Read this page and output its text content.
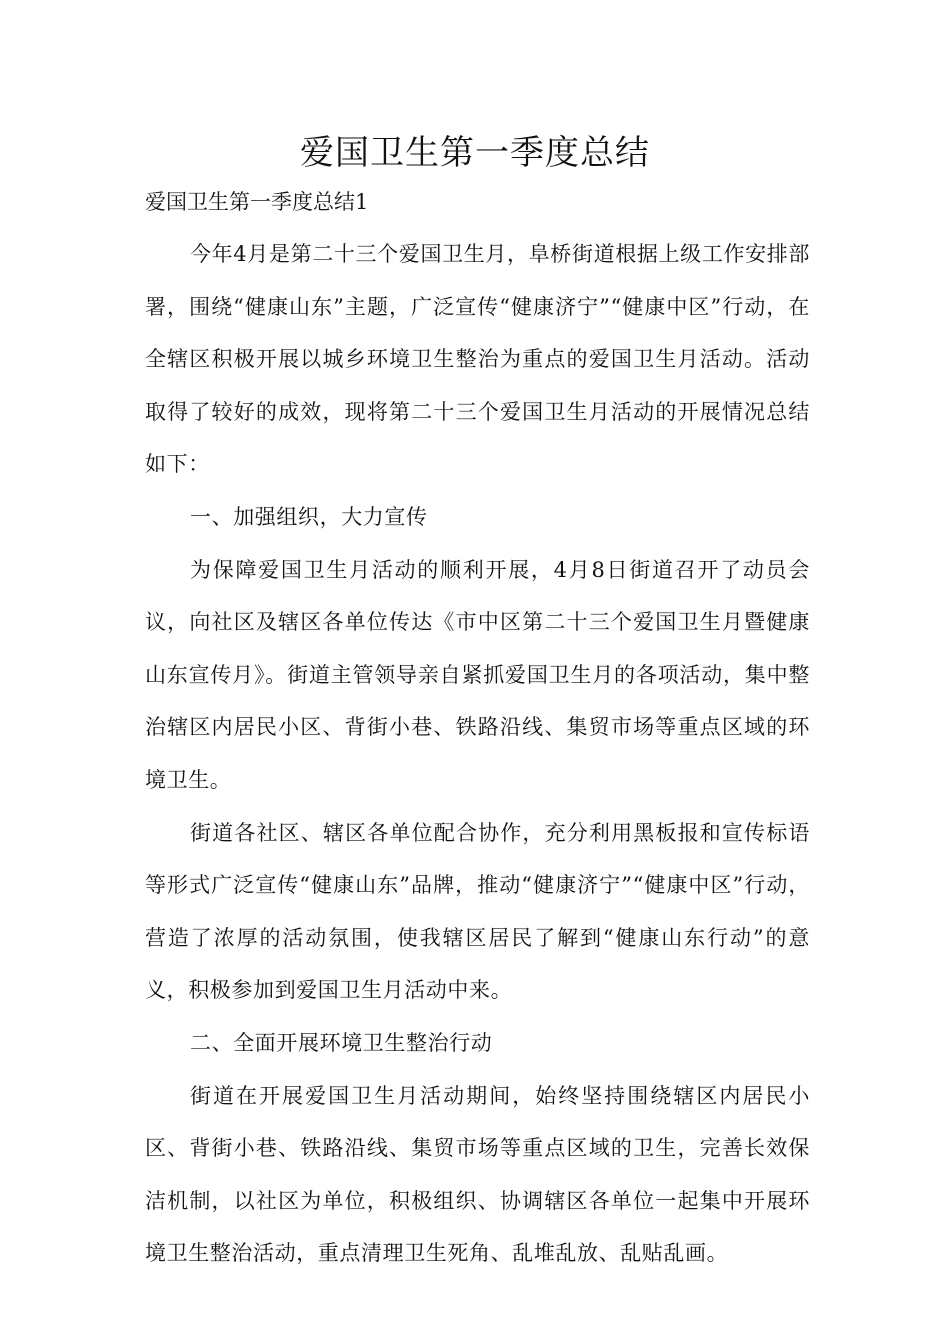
爱国卫生第一季度总结

爱国卫生第一季度总结1

今年4月是第二十三个爱国卫生月，阜桥街道根据上级工作安排部署，围绕“健康山东”主题，广泛宣传“健康济宁”“健康中区”行动，在全辖区积极开展以城乡环境卫生整治为重点的爱国卫生月活动。活动取得了较好的成效，现将第二十三个爱国卫生月活动的开展情况总结如下：

一、加强组织，大力宣传

为保障爱国卫生月活动的顺利开展，4月8日街道召开了动员会议，向社区及辖区各单位传达《市中区第二十三个爱国卫生月暨健康山东宣传月》。街道主管领导亲自紧抓爱国卫生月的各项活动，集中整治辖区内居民小区、背街小巷、铁路沿线、集贸市场等重点区域的环境卫生。

街道各社区、辖区各单位配合协作，充分利用黑板报和宣传标语等形式广泛宣传“健康山东”品牌，推动“健康济宁”“健康中区”行动，营造了浓厚的活动氛围，使我辖区居民了解到“健康山东行动”的意义，积极参加到爱国卫生月活动中来。

二、全面开展环境卫生整治行动

街道在开展爱国卫生月活动期间，始终坚持围绕辖区内居民小区、背街小巷、铁路沿线、集贸市场等重点区域的卫生，完善长效保洁机制，以社区为单位，积极组织、协调辖区各单位一起集中开展环境卫生整治活动，重点清理卫生死角、乱堆乱放、乱贴乱画。
